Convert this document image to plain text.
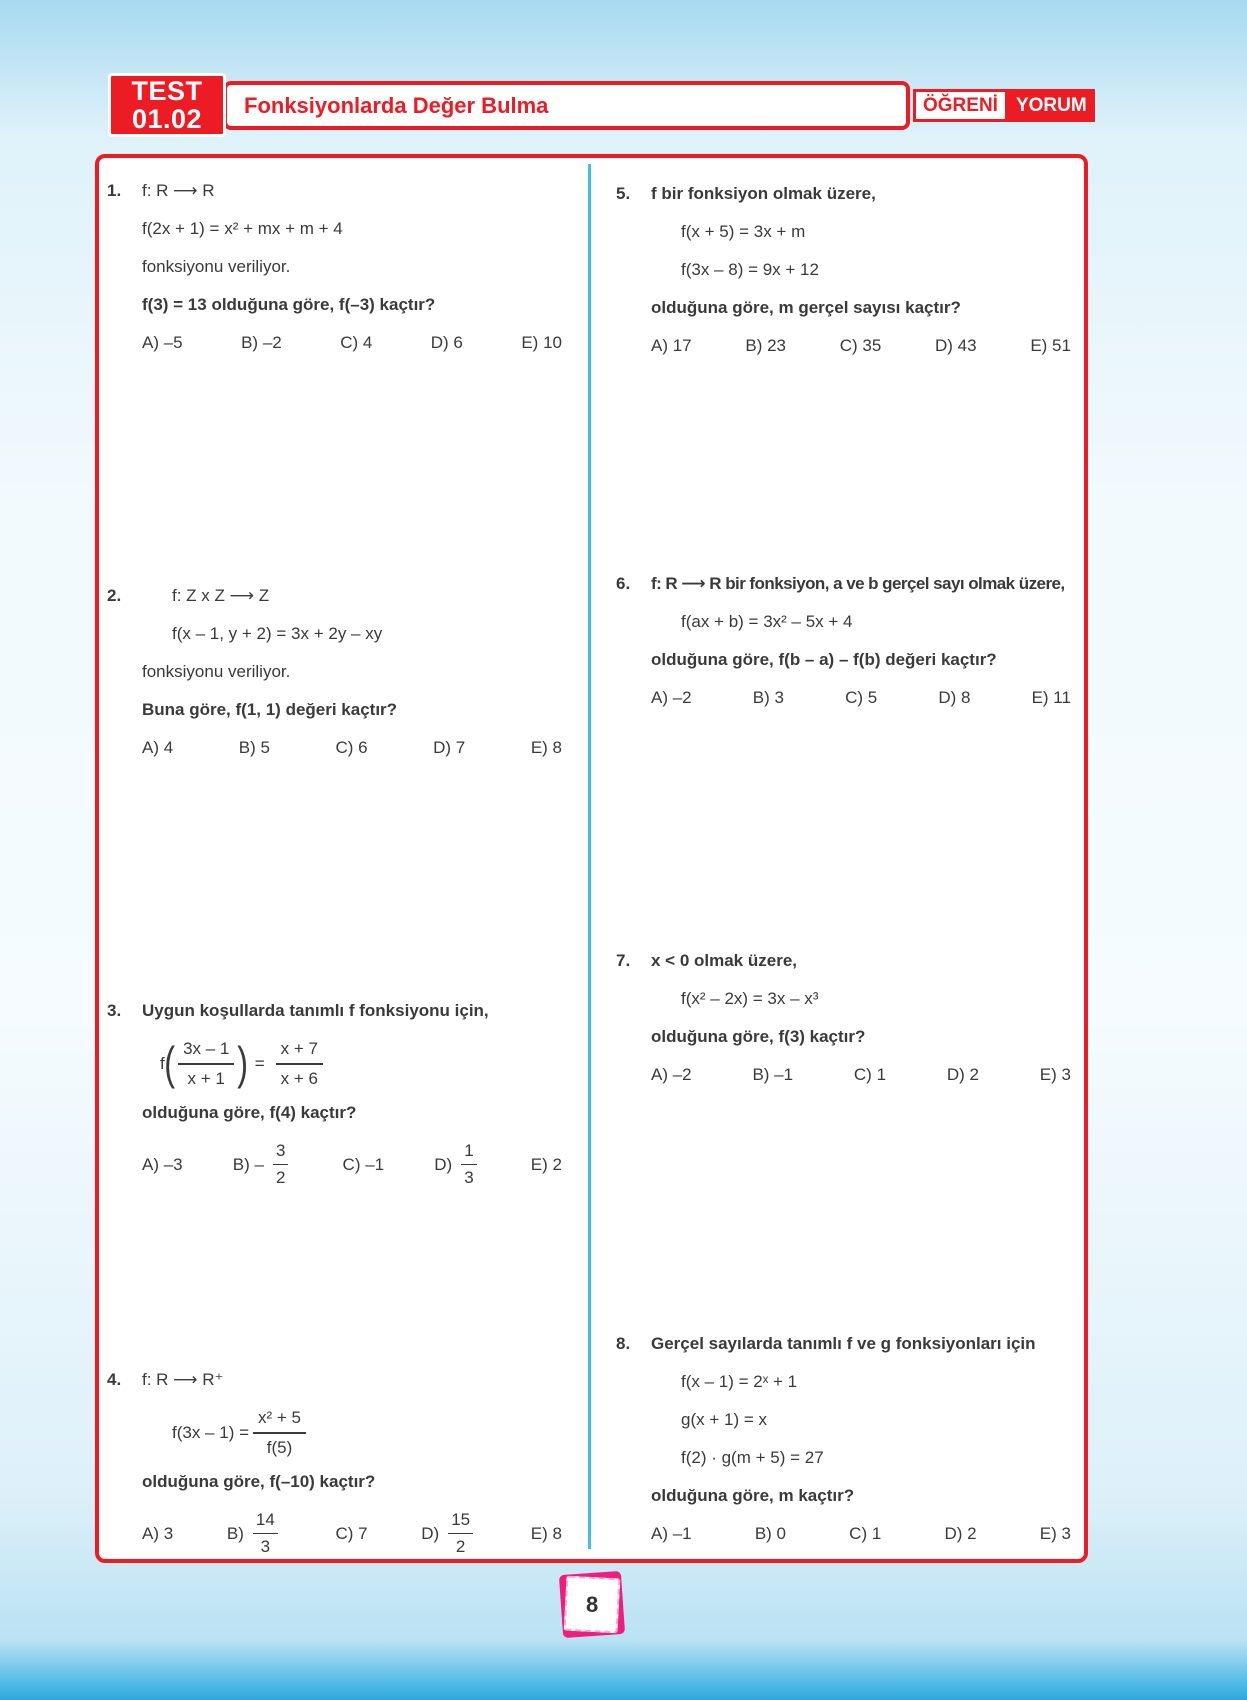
TEST
01.02 Fonksiyonlarda Değer Bulma	ÖĞRENİ YORUM
1.	f: R ⟶ R

f(2x + 1) = x² + mx + m + 4

fonksiyonu veriliyor.

f(3) = 13 olduğuna göre, f(–3) kaçtır?

A) –5	B) –2	C) 4	D) 6	E) 10
2.	f: Z x Z ⟶ Z

f(x – 1, y + 2) = 3x + 2y – xy

fonksiyonu veriliyor.

Buna göre, f(1, 1) değeri kaçtır?

A) 4	B) 5	C) 6	D) 7	E) 8
3.	Uygun koşullarda tanımlı f fonksiyonu için,

f ( $\frac{3x - 1}{x + 1}$ ) = $\frac{x + 7}{x + 6}$

olduğuna göre, f(4) kaçtır?

A) –3	$B) - \frac{3}{2}$	C) –1	$D) \frac{1}{3}$	E) 2
4.	f: R ⟶ R⁺

$f(3x - 1) = \frac{\text{x² + 5}}{f(5)}$

olduğuna göre, f(–10) kaçtır?

A) 3	$B) \frac{14}{3}$	C) 7	$D) \frac{15}{2}$	E) 8
5.	f bir fonksiyon olmak üzere,

f(x + 5) = 3x + m

f(3x – 8) = 9x + 12

olduğuna göre, m gerçel sayısı kaçtır?

A) 17	B) 23	C) 35	D) 43	E) 51
6.	f: R ⟶ R bir fonksiyon, a ve b gerçel sayı olmak üzere,

f(ax + b) = 3x² – 5x + 4

olduğuna göre, f(b – a) – f(b) değeri kaçtır?

A) –2	B) 3	C) 5	D) 8	E) 11
7.	x < 0 olmak üzere,

f(x² – 2x) = 3x – x³

olduğuna göre, f(3) kaçtır?

A) –2	B) –1	C) 1	D) 2	E) 3
8.	Gerçel sayılarda tanımlı f ve g fonksiyonları için

f(x – 1) = 2ˣ + 1

g(x + 1) = x

f(2) · g(m + 5) = 27

olduğuna göre, m kaçtır?

A) –1	B) 0	C) 1	D) 2	E) 3
8
